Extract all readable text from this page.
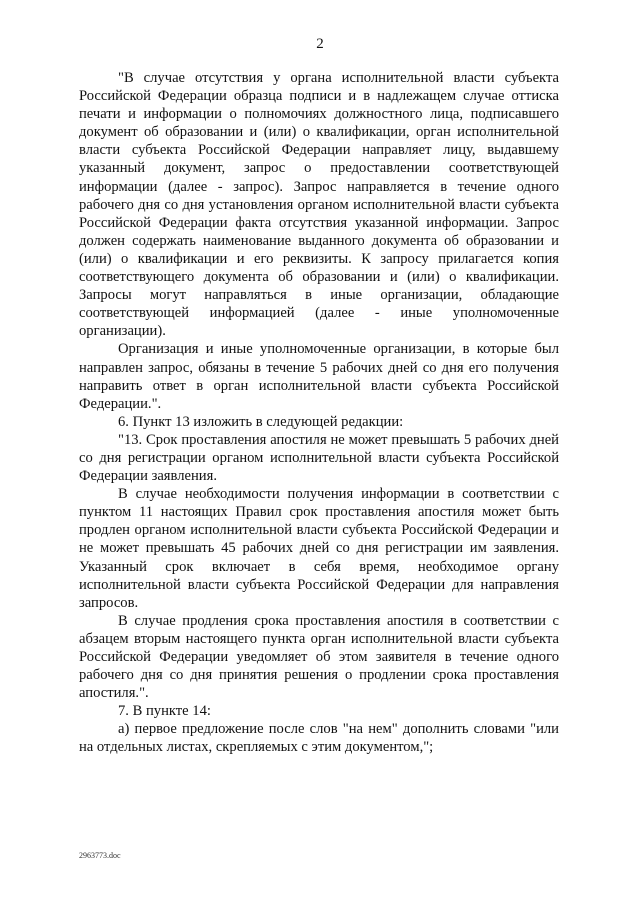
2

"В случае отсутствия у органа исполнительной власти субъекта Российской Федерации образца подписи и в надлежащем случае оттиска печати и информации о полномочиях должностного лица, подписавшего документ об образовании и (или) о квалификации, орган исполнительной власти субъекта Российской Федерации направляет лицу, выдавшему указанный документ, запрос о предоставлении соответствующей информации (далее - запрос). Запрос направляется в течение одного рабочего дня со дня установления органом исполнительной власти субъекта Российской Федерации факта отсутствия указанной информации. Запрос должен содержать наименование выданного документа об образовании и (или) о квалификации и его реквизиты. К запросу прилагается копия соответствующего документа об образовании и (или) о квалификации. Запросы могут направляться в иные организации, обладающие соответствующей информацией (далее - иные уполномоченные организации).

Организация и иные уполномоченные организации, в которые был направлен запрос, обязаны в течение 5 рабочих дней со дня его получения направить ответ в орган исполнительной власти субъекта Российской Федерации.".

6. Пункт 13 изложить в следующей редакции:

"13. Срок проставления апостиля не может превышать 5 рабочих дней со дня регистрации органом исполнительной власти субъекта Российской Федерации заявления.

В случае необходимости получения информации в соответствии с пунктом 11 настоящих Правил срок проставления апостиля может быть продлен органом исполнительной власти субъекта Российской Федерации и не может превышать 45 рабочих дней со дня регистрации им заявления. Указанный срок включает в себя время, необходимое органу исполнительной власти субъекта Российской Федерации для направления запросов.

В случае продления срока проставления апостиля в соответствии с абзацем вторым настоящего пункта орган исполнительной власти субъекта Российской Федерации уведомляет об этом заявителя в течение одного рабочего дня со дня принятия решения о продлении срока проставления апостиля.".

7. В пункте 14:

а) первое предложение после слов "на нем" дополнить словами "или на отдельных листах, скрепляемых с этим документом,";

2963773.doc
